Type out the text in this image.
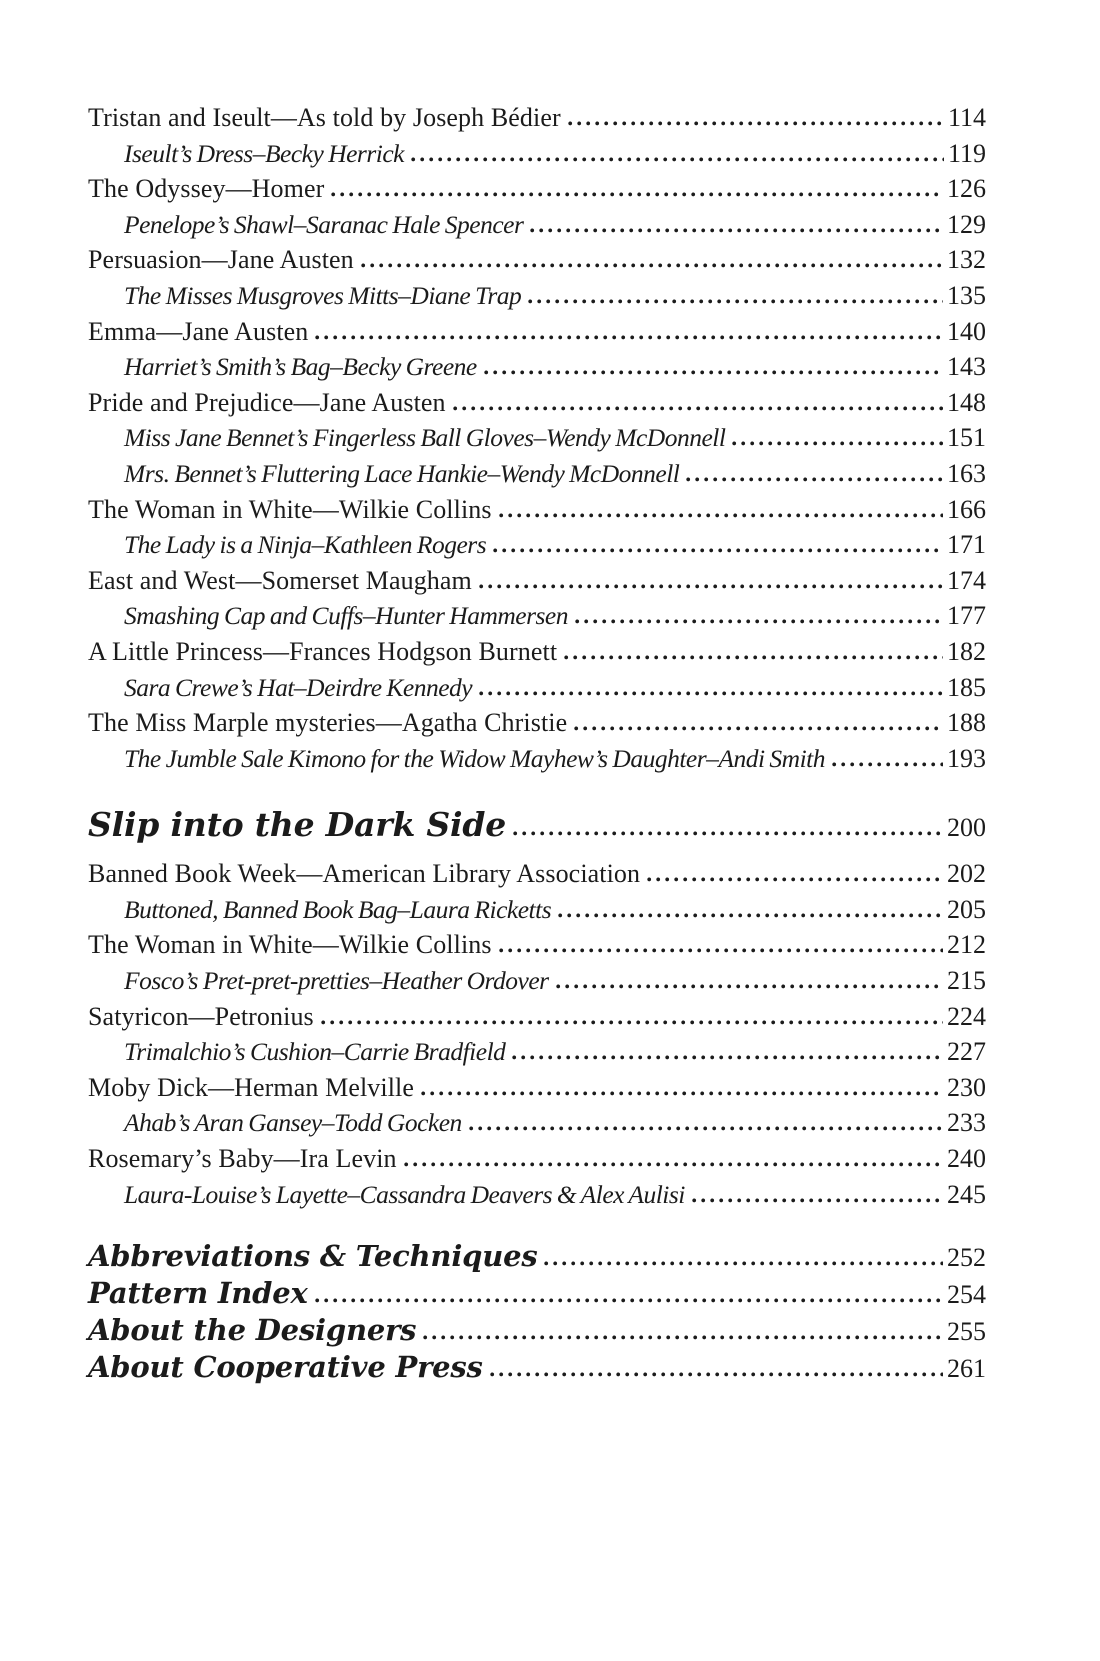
Tristan and Iseult—As told by Joseph Bédier	114
Iseult’s Dress–Becky Herrick	119
The Odyssey—Homer	126
Penelope’s Shawl–Saranac Hale Spencer	129
Persuasion—Jane Austen	132
The Misses Musgroves Mitts–Diane Trap	135
Emma—Jane Austen	140
Harriet’s Smith’s Bag–Becky Greene	143
Pride and Prejudice—Jane Austen	148
Miss Jane Bennet’s Fingerless Ball Gloves–Wendy McDonnell	151
Mrs. Bennet’s Fluttering Lace Hankie–Wendy McDonnell	163
The Woman in White—Wilkie Collins	166
The Lady is a Ninja–Kathleen Rogers	171
East and West—Somerset Maugham	174
Smashing Cap and Cuffs–Hunter Hammersen	177
A Little Princess—Frances Hodgson Burnett	182
Sara Crewe’s Hat–Deirdre Kennedy	185
The Miss Marple mysteries—Agatha Christie	188
The Jumble Sale Kimono for the Widow Mayhew’s Daughter–Andi Smith	193
Slip into the Dark Side	200
Banned Book Week—American Library Association	202
Buttoned, Banned Book Bag–Laura Ricketts	205
The Woman in White—Wilkie Collins	212
Fosco’s Pret-pret-pretties–Heather Ordover	215
Satyricon—Petronius	224
Trimalchio’s Cushion–Carrie Bradfield	227
Moby Dick—Herman Melville	230
Ahab’s Aran Gansey–Todd Gocken	233
Rosemary’s Baby—Ira Levin	240
Laura-Louise’s Layette–Cassandra Deavers & Alex Aulisi	245
Abbreviations & Techniques	252
Pattern Index	254
About the Designers	255
About Cooperative Press	261
